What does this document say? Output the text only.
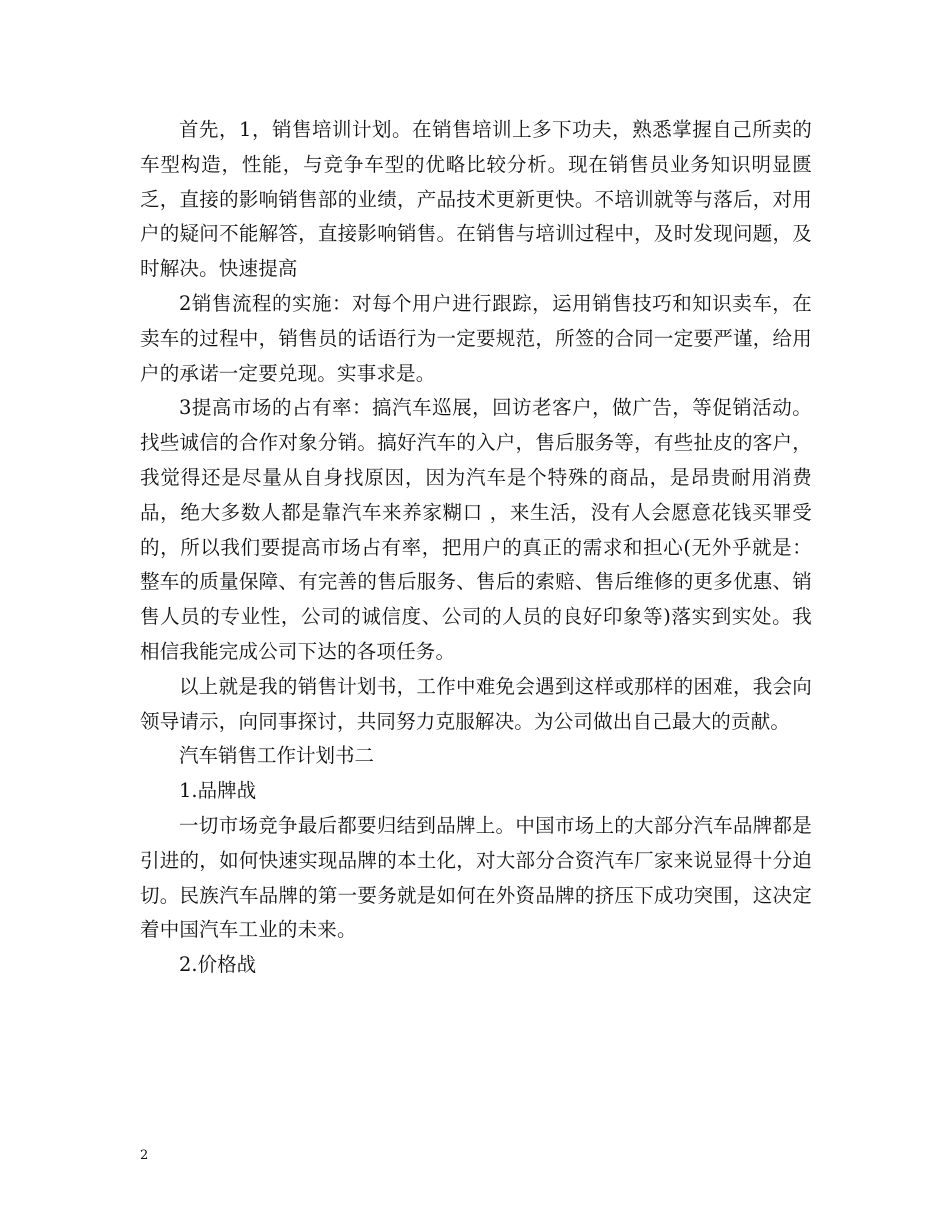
首先，1，销售培训计划。在销售培训上多下功夫，熟悉掌握自己所卖的车型构造，性能，与竞争车型的优略比较分析。现在销售员业务知识明显匮乏，直接的影响销售部的业绩，产品技术更新更快。不培训就等与落后，对用户的疑问不能解答，直接影响销售。在销售与培训过程中，及时发现问题，及时解决。快速提高

2销售流程的实施：对每个用户进行跟踪，运用销售技巧和知识卖车，在卖车的过程中，销售员的话语行为一定要规范，所签的合同一定要严谨，给用户的承诺一定要兑现。实事求是。

3提高市场的占有率：搞汽车巡展，回访老客户，做广告，等促销活动。找些诚信的合作对象分销。搞好汽车的入户，售后服务等，有些扯皮的客户，我觉得还是尽量从自身找原因，因为汽车是个特殊的商品，是昂贵耐用消费品，绝大多数人都是靠汽车来养家糊口 ，来生活，没有人会愿意花钱买罪受的，所以我们要提高市场占有率，把用户的真正的需求和担心(无外乎就是：整车的质量保障、有完善的售后服务、售后的索赔、售后维修的更多优惠、销售人员的专业性，公司的诚信度、公司的人员的良好印象等)落实到实处。我相信我能完成公司下达的各项任务。

以上就是我的销售计划书，工作中难免会遇到这样或那样的困难，我会向领导请示，向同事探讨，共同努力克服解决。为公司做出自己最大的贡献。

汽车销售工作计划书二

1.品牌战

一切市场竞争最后都要归结到品牌上。中国市场上的大部分汽车品牌都是引进的，如何快速实现品牌的本土化，对大部分合资汽车厂家来说显得十分迫切。民族汽车品牌的第一要务就是如何在外资品牌的挤压下成功突围，这决定着中国汽车工业的未来。

2.价格战

2
